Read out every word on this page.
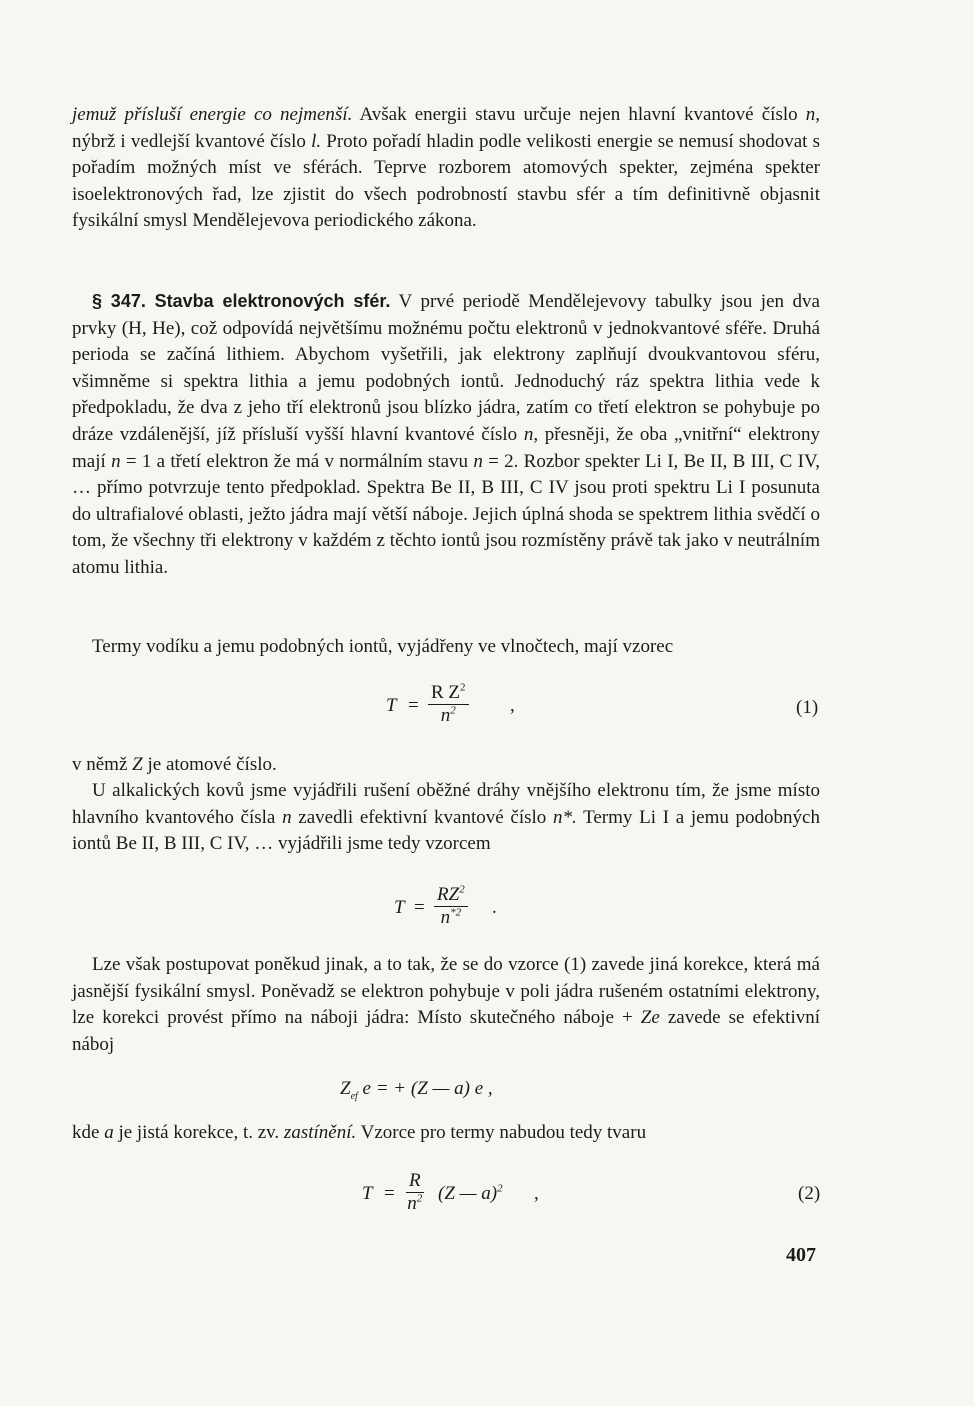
jemuž přísluší energie co nejmenší. Avšak energii stavu určuje nejen hlavní kvantové číslo n, nýbrž i vedlejší kvantové číslo l. Proto pořadí hladin podle velikosti energie se nemusí shodovat s pořadím možných míst ve sférách. Teprve rozborem atomových spekter, zejména spekter isoelektronových řad, lze zjistit do všech podrobností stavbu sfér a tím definitivně objasnit fysikální smysl Mendělejevova periodického zákona.

§ 347. Stavba elektronových sfér. V prvé periodě Mendělejevovy tabulky jsou jen dva prvky (H, He), což odpovídá největšímu možnému počtu elektronů v jednokvantové sféře. Druhá perioda se začíná lithiem. Abychom vyšetřili, jak elektrony zaplňují dvoukvantovou sféru, všimněme si spektra lithia a jemu podobných iontů. Jednoduchý ráz spektra lithia vede k předpokladu, že dva z jeho tří elektronů jsou blízko jádra, zatím co třetí elektron se pohybuje po dráze vzdálenější, jíž přísluší vyšší hlavní kvantové číslo n, přesněji, že oba „vnitřní“ elektrony mají n = 1 a třetí elektron že má v normálním stavu n = 2. Rozbor spekter Li I, Be II, B III, C IV, … přímo potvrzuje tento předpoklad. Spektra Be II, B III, C IV jsou proti spektru Li I posunuta do ultrafialové oblasti, ježto jádra mají větší náboje. Jejich úplná shoda se spektrem lithia svědčí o tom, že všechny tři elektrony v každém z těchto iontů jsou rozmístěny právě tak jako v neutrálním atomu lithia.

Termy vodíku a jemu podobných iontů, vyjádřeny ve vlnočtech, mají vzorec

$T = \frac{R Z^2}{n^2}$ ,	(1)

v němž Z je atomové číslo.

U alkalických kovů jsme vyjádřili rušení oběžné dráhy vnějšího elektronu tím, že jsme místo hlavního kvantového čísla n zavedli efektivní kvantové číslo n*. Termy Li I a jemu podobných iontů Be II, B III, C IV, … vyjádřili jsme tedy vzorcem

$T = \frac{RZ^2}{n^{*2}}$ .

Lze však postupovat poněkud jinak, a to tak, že se do vzorce (1) zavede jiná korekce, která má jasnější fysikální smysl. Poněvadž se elektron pohybuje v poli jádra rušeném ostatními elektrony, lze korekci provést přímo na náboji jádra: Místo skutečného náboje + Ze zavede se efektivní náboj

$Z_{ef}$ e = + (Z — a) e ,

kde a je jistá korekce, t. zv. zastínění. Vzorce pro termy nabudou tedy tvaru

$T = \frac{R}{n^2} (Z$ — a)$^2$ ,	(2)
407
